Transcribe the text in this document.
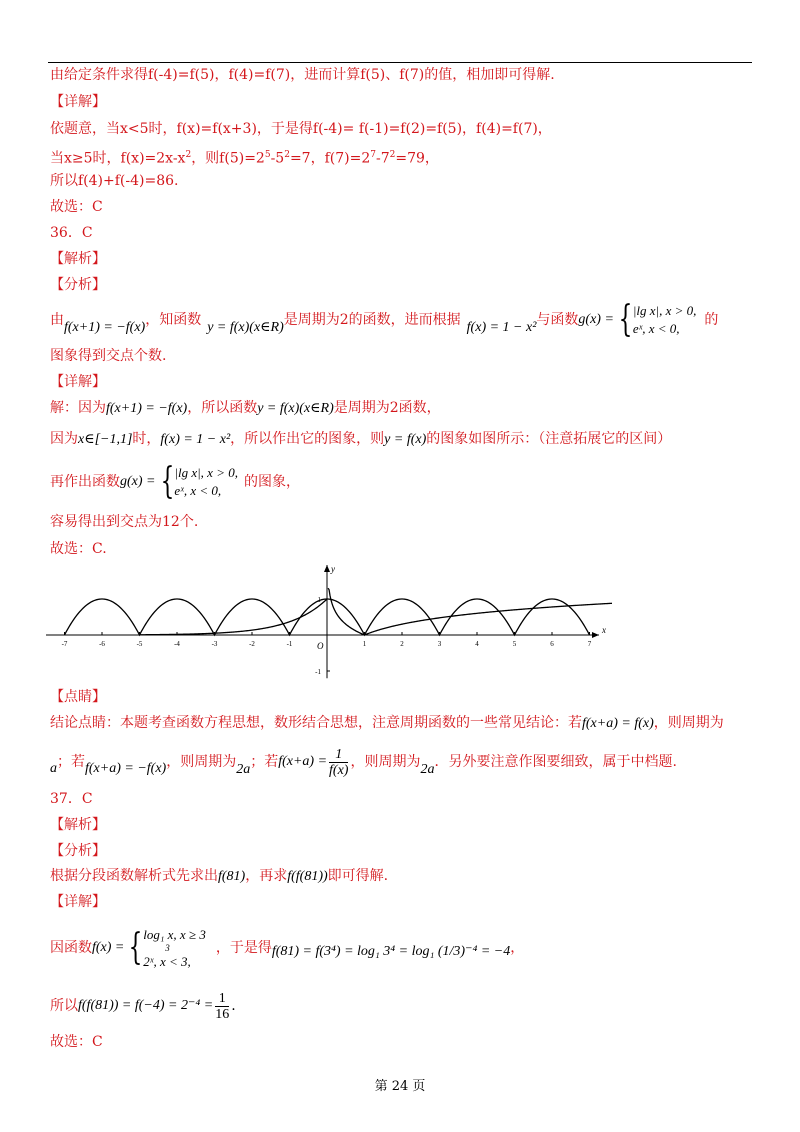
由给定条件求得f(-4)=f(5)，f(4)=f(7)，进而计算f(5)、f(7)的值，相加即可得解.
【详解】
依题意，当x<5时，f(x)=f(x+3)，于是得f(-4)= f(-1)=f(2)=f(5)，f(4)=f(7)，
当x≥5时，$f(x)=2x-x^2$，则$f(5)=2^5-5^2=7$，$f(7)=2^7-7^2=79$，
所以f(4)+f(-4)=86.
故选：C
36．C
【解析】
【分析】
由 f(x+1) = −f(x) ，知函数 y = f(x)(x∈R) 是周期为2的函数，进而根据 f(x) = 1 − x² 与函数 g(x) = { |lg x|, x > 0,
eˣ, x < 0,
的
图象得到交点个数.
【详解】
解：因为f(x+1) = −f(x)，所以函数y = f(x)(x∈R)是周期为2函数，
因为x∈[−1,1]时，f(x) = 1 − x²，所以作出它的图象，则y = f(x)的图象如图所示：（注意拓展它的区间）
再作出函数 g(x) = { |lg x|, x > 0,
eˣ, x < 0,
的图象，
容易得出到交点为12个.
故选：C.
-7	-6	-5	-4	-3	-2	-1	1	2	3	4	5	6	7
1
-1
x
y
O
【点睛】
结论点睛：本题考查函数方程思想，数形结合思想，注意周期函数的一些常见结论：若f(x+a) = f(x)，则周期为
a ；若 f(x+a) = −f(x) ，则周期为 2a ；若 $f(x+a) = \frac{1}{f(x)}$ ，则周期为 2a ．另外要注意作图要细致，属于中档题.
37．C
【解析】
【分析】
根据分段函数解析式先求出f(81)，再求f(f(81))即可得解.
【详解】
因函数 f(x) = { log₁ x, x ≥ 3
3
2ˣ, x < 3,
，于是得 f(81) = f(3⁴) = log₁ 3⁴ = log₁ (1/3)⁻⁴ = −4 ，
所以 $f(f(81)) = f(-4) = 2^{-4} = \frac{1}{16}$ .
故选：C
第 24 页
